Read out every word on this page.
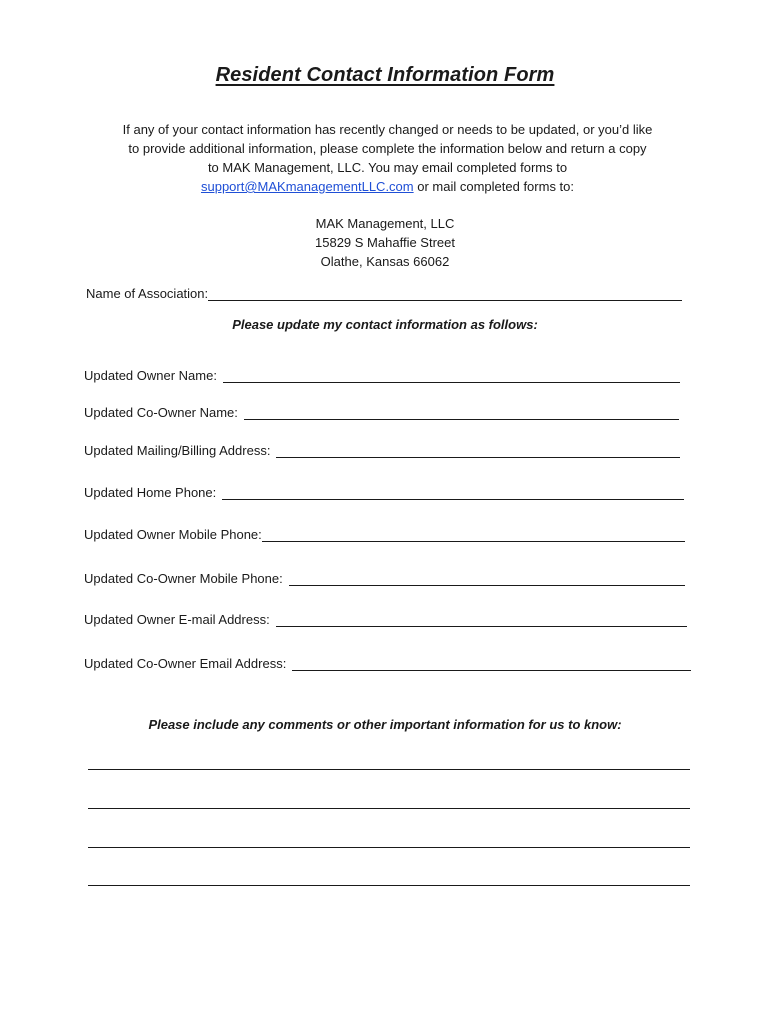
Resident Contact Information Form
If any of your contact information has recently changed or needs to be updated, or you’d like
to provide additional information, please complete the information below and return a copy
to MAK Management, LLC. You may email completed forms to
support@MAKmanagementLLC.com or mail completed forms to:
MAK Management, LLC
15829 S Mahaffie Street
Olathe, Kansas 66062
Name of Association:
Please update my contact information as follows:
Updated Owner Name:
Updated Co-Owner Name:
Updated Mailing/Billing Address:
Updated Home Phone:
Updated Owner Mobile Phone:
Updated Co-Owner Mobile Phone:
Updated Owner E-mail Address:
Updated Co-Owner Email Address:
Please include any comments or other important information for us to know:
